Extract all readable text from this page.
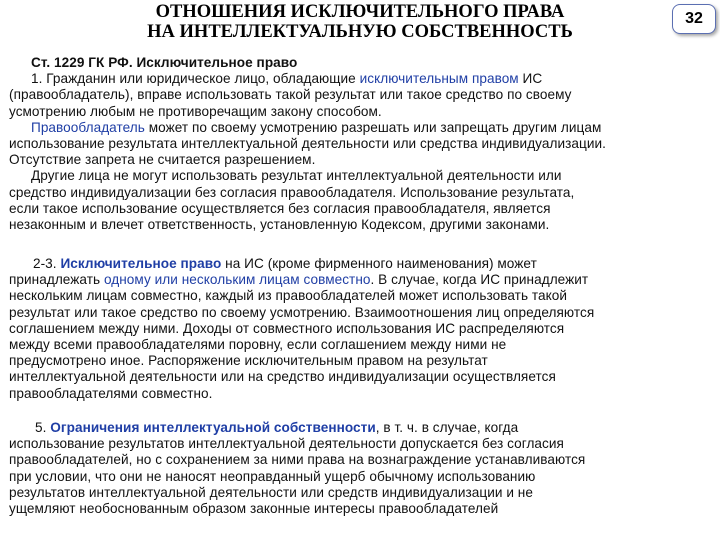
ОТНОШЕНИЯ ИСКЛЮЧИТЕЛЬНОГО ПРАВА
НА ИНТЕЛЛЕКТУАЛЬНУЮ СОБСТВЕННОСТЬ
32
Ст. 1229 ГК РФ. Исключительное право
1. Гражданин или юридическое лицо, обладающие исключительным правом ИС
(правообладатель), вправе использовать такой результат или такое средство по своему
усмотрению любым не противоречащим закону способом.
Правообладатель может по своему усмотрению разрешать или запрещать другим лицам
использование результата интеллектуальной деятельности или средства индивидуализации.
Отсутствие запрета не считается разрешением.
Другие лица не могут использовать результат интеллектуальной деятельности или
средство индивидуализации без согласия правообладателя. Использование результата,
если такое использование осуществляется без согласия правообладателя, является
незаконным и влечет ответственность, установленную Кодексом, другими законами.
2-3. Исключительное право на ИС (кроме фирменного наименования) может
принадлежать одному или нескольким лицам совместно. В случае, когда ИС принадлежит
нескольким лицам совместно, каждый из правообладателей может использовать такой
результат или такое средство по своему усмотрению. Взаимоотношения лиц определяются
соглашением между ними. Доходы от совместного использования ИС распределяются
между всеми правообладателями поровну, если соглашением между ними не
предусмотрено иное. Распоряжение исключительным правом на результат
интеллектуальной деятельности или на средство индивидуализации осуществляется
правообладателями совместно.
5. Ограничения интеллектуальной собственности, в т. ч. в случае, когда
использование результатов интеллектуальной деятельности допускается без согласия
правообладателей, но с сохранением за ними права на вознаграждение устанавливаются
при условии, что они не наносят неоправданный ущерб обычному использованию
результатов интеллектуальной деятельности или средств индивидуализации и не
ущемляют необоснованным образом законные интересы правообладателей
